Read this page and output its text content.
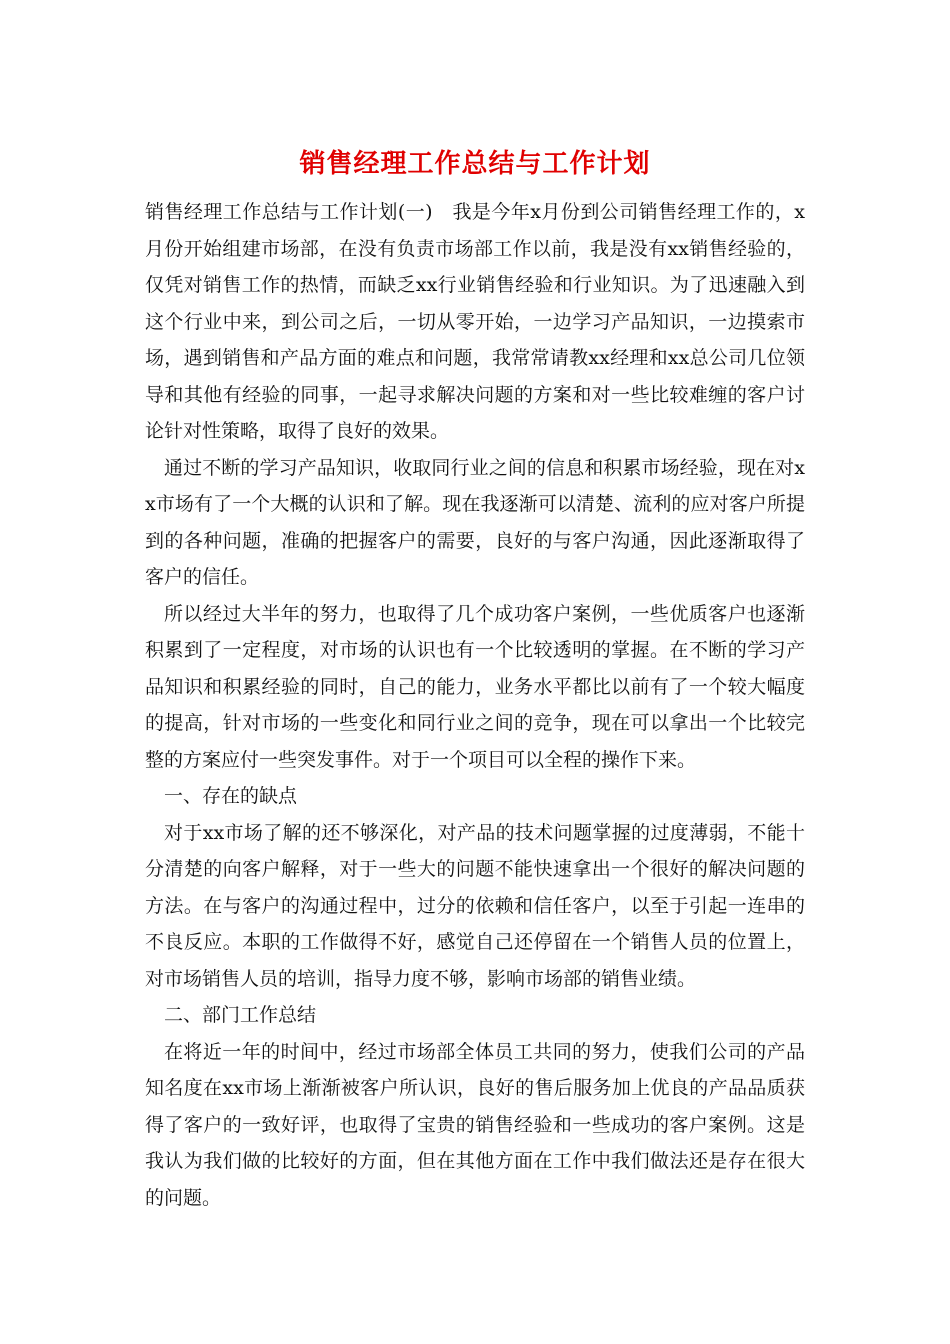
销售经理工作总结与工作计划

销售经理工作总结与工作计划(一)　我是今年x月份到公司销售经理工作的，x月份开始组建市场部，在没有负责市场部工作以前，我是没有xx销售经验的，仅凭对销售工作的热情，而缺乏xx行业销售经验和行业知识。为了迅速融入到这个行业中来，到公司之后，一切从零开始，一边学习产品知识，一边摸索市场，遇到销售和产品方面的难点和问题，我常常请教xx经理和xx总公司几位领导和其他有经验的同事，一起寻求解决问题的方案和对一些比较难缠的客户讨论针对性策略，取得了良好的效果。

通过不断的学习产品知识，收取同行业之间的信息和积累市场经验，现在对xx市场有了一个大概的认识和了解。现在我逐渐可以清楚、流利的应对客户所提到的各种问题，准确的把握客户的需要，良好的与客户沟通，因此逐渐取得了客户的信任。

所以经过大半年的努力，也取得了几个成功客户案例，一些优质客户也逐渐积累到了一定程度，对市场的认识也有一个比较透明的掌握。在不断的学习产品知识和积累经验的同时，自己的能力，业务水平都比以前有了一个较大幅度的提高，针对市场的一些变化和同行业之间的竞争，现在可以拿出一个比较完整的方案应付一些突发事件。对于一个项目可以全程的操作下来。

一、存在的缺点

对于xx市场了解的还不够深化，对产品的技术问题掌握的过度薄弱，不能十分清楚的向客户解释，对于一些大的问题不能快速拿出一个很好的解决问题的方法。在与客户的沟通过程中，过分的依赖和信任客户，以至于引起一连串的不良反应。本职的工作做得不好，感觉自己还停留在一个销售人员的位置上，对市场销售人员的培训，指导力度不够，影响市场部的销售业绩。

二、部门工作总结

在将近一年的时间中，经过市场部全体员工共同的努力，使我们公司的产品知名度在xx市场上渐渐被客户所认识，良好的售后服务加上优良的产品品质获得了客户的一致好评，也取得了宝贵的销售经验和一些成功的客户案例。这是我认为我们做的比较好的方面，但在其他方面在工作中我们做法还是存在很大的问题。
